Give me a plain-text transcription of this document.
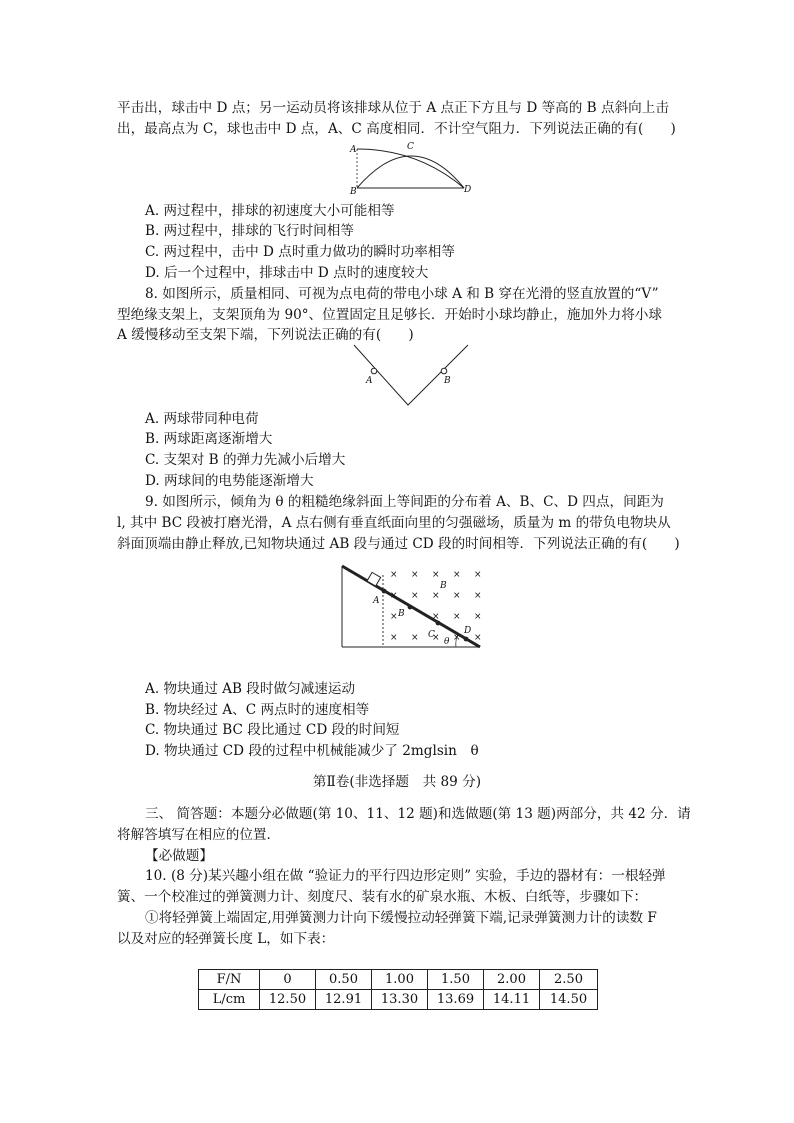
平击出，球击中 D 点；另一运动员将该排球从位于 A 点正下方且与 D 等高的 B 点斜向上击
出，最高点为 C，球也击中 D 点，A、C 高度相同．不计空气阻力．下列说法正确的有(　　)
A
B
C
D
A. 两过程中，排球的初速度大小可能相等
B. 两过程中，排球的飞行时间相等
C. 两过程中，击中 D 点时重力做功的瞬时功率相等
D. 后一个过程中，排球击中 D 点时的速度较大
8. 如图所示，质量相同、可视为点电荷的带电小球 A 和 B 穿在光滑的竖直放置的“V”
型绝缘支架上，支架顶角为 90°、位置固定且足够长．开始时小球均静止，施加外力将小球
A 缓慢移动至支架下端，下列说法正确的有(　　)
A	B
A. 两球带同种电荷
B. 两球距离逐渐增大
C. 支架对 B 的弹力先减小后增大
D. 两球间的电势能逐渐增大
9. 如图所示，倾角为 θ 的粗糙绝缘斜面上等间距的分布着 A、B、C、D 四点，间距为
l, 其中 BC 段被打磨光滑，A 点右侧有垂直纸面向里的匀强磁场，质量为 m 的带负电物块从
斜面顶端由静止释放,已知物块通过 AB 段与通过 CD 段的时间相等．下列说法正确的有(　　)
× × × × ×
× × × × ×
×	× × ×
× × × × ×
A
B
B
C	D
θ
A. 物块通过 AB 段时做匀减速运动
B. 物块经过 A、C 两点时的速度相等
C. 物块通过 BC 段比通过 CD 段的时间短
D. 物块通过 CD 段的过程中机械能减少了 2mglsin　θ
第Ⅱ卷(非选择题　共 89 分)
三、 简答题：本题分必做题(第 10、11、12 题)和选做题(第 13 题)两部分，共 42 分．请
将解答填写在相应的位置．
【必做题】
10. (8 分)某兴趣小组在做 “验证力的平行四边形定则” 实验，手边的器材有：一根轻弹
簧、一个校准过的弹簧测力计、刻度尺、装有水的矿泉水瓶、木板、白纸等，步骤如下：
①将轻弹簧上端固定,用弹簧测力计向下缓慢拉动轻弹簧下端,记录弹簧测力计的读数 F
以及对应的轻弹簧长度 L，如下表：
F/N	0	0.50	1.00	1.50	2.00	2.50
L/cm	12.50	12.91	13.30	13.69	14.11	14.50
